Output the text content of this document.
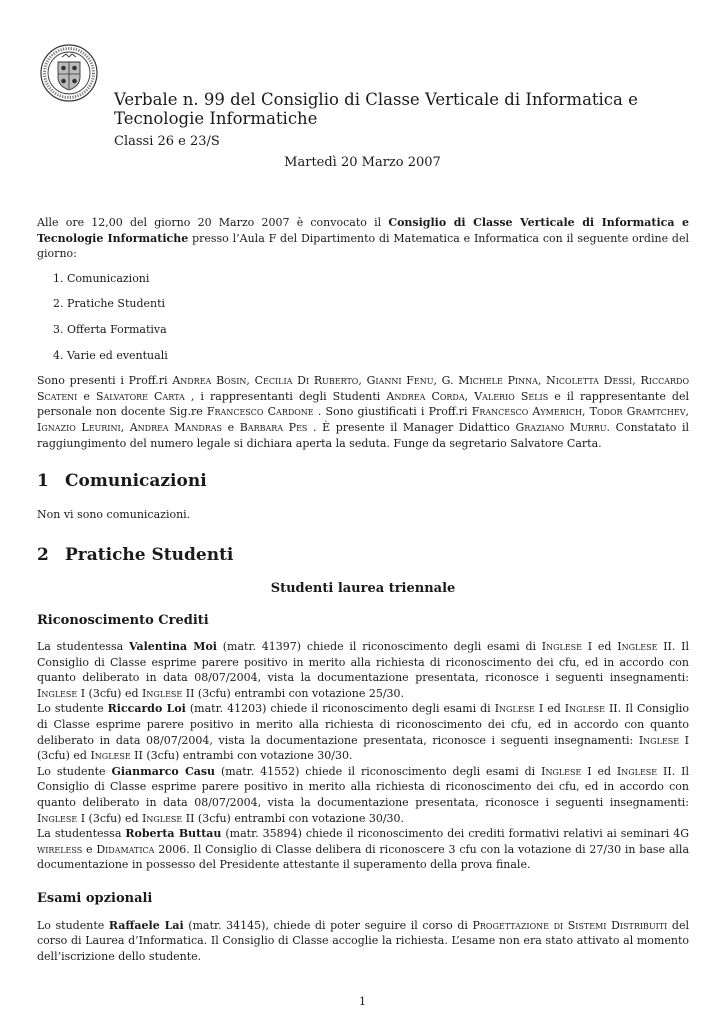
Verbale n. 99 del Consiglio di Classe Verticale di Informatica e Tecnologie Informatiche
Classi 26 e 23/S
Martedì 20 Marzo 2007

Alle ore 12,00 del giorno 20 Marzo 2007 è convocato il Consiglio di Classe Verticale di Informatica e Tecnologie Informatiche presso l’Aula F del Dipartimento di Matematica e Informatica con il seguente ordine del giorno:

1. Comunicazioni
2. Pratiche Studenti
3. Offerta Formativa
4. Varie ed eventuali

Sono presenti i Proff.ri Andrea Bosin, Cecilia Di Ruberto, Gianni Fenu, G. Michele Pinna, Nicoletta Dessì, Riccardo Scateni e Salvatore Carta , i rappresentanti degli Studenti Andrea Corda, Valerio Selis e il rappresentante del personale non docente Sig.re Francesco Cardone . Sono giustificati i Proff.ri Francesco Aymerich, Todor Gramtchev, Ignazio Leurini, Andrea Mandras e Barbara Pes . È presente il Manager Didattico Graziano Murru. Constatato il raggiungimento del numero legale si dichiara aperta la seduta. Funge da segretario Salvatore Carta.

1 Comunicazioni

Non vi sono comunicazioni.

2 Pratiche Studenti
Studenti laurea triennale
Riconoscimento Crediti

La studentessa Valentina Moi (matr. 41397) chiede il riconoscimento degli esami di Inglese I ed Inglese II. Il Consiglio di Classe esprime parere positivo in merito alla richiesta di riconoscimento dei cfu, ed in accordo con quanto deliberato in data 08/07/2004, vista la documentazione presentata, riconosce i seguenti insegnamenti: Inglese I (3cfu) ed Inglese II (3cfu) entrambi con votazione 25/30.

Lo studente Riccardo Loi (matr. 41203) chiede il riconoscimento degli esami di Inglese I ed Inglese II. Il Consiglio di Classe esprime parere positivo in merito alla richiesta di riconoscimento dei cfu, ed in accordo con quanto deliberato in data 08/07/2004, vista la documentazione presentata, riconosce i seguenti insegnamenti: Inglese I (3cfu) ed Inglese II (3cfu) entrambi con votazione 30/30.

Lo studente Gianmarco Casu (matr. 41552) chiede il riconoscimento degli esami di Inglese I ed Inglese II. Il Consiglio di Classe esprime parere positivo in merito alla richiesta di riconoscimento dei cfu, ed in accordo con quanto deliberato in data 08/07/2004, vista la documentazione presentata, riconosce i seguenti insegnamenti: Inglese I (3cfu) ed Inglese II (3cfu) entrambi con votazione 30/30.

La studentessa Roberta Buttau (matr. 35894) chiede il riconoscimento dei crediti formativi relativi ai seminari 4G wireless e Didamatica 2006. Il Consiglio di Classe delibera di riconoscere 3 cfu con la votazione di 27/30 in base alla documentazione in possesso del Presidente attestante il superamento della prova finale.

Esami opzionali

Lo studente Raffaele Lai (matr. 34145), chiede di poter seguire il corso di Progettazione di Sistemi Distribuiti del corso di Laurea d’Informatica. Il Consiglio di Classe accoglie la richiesta. L’esame non era stato attivato al momento dell’iscrizione dello studente.

1
